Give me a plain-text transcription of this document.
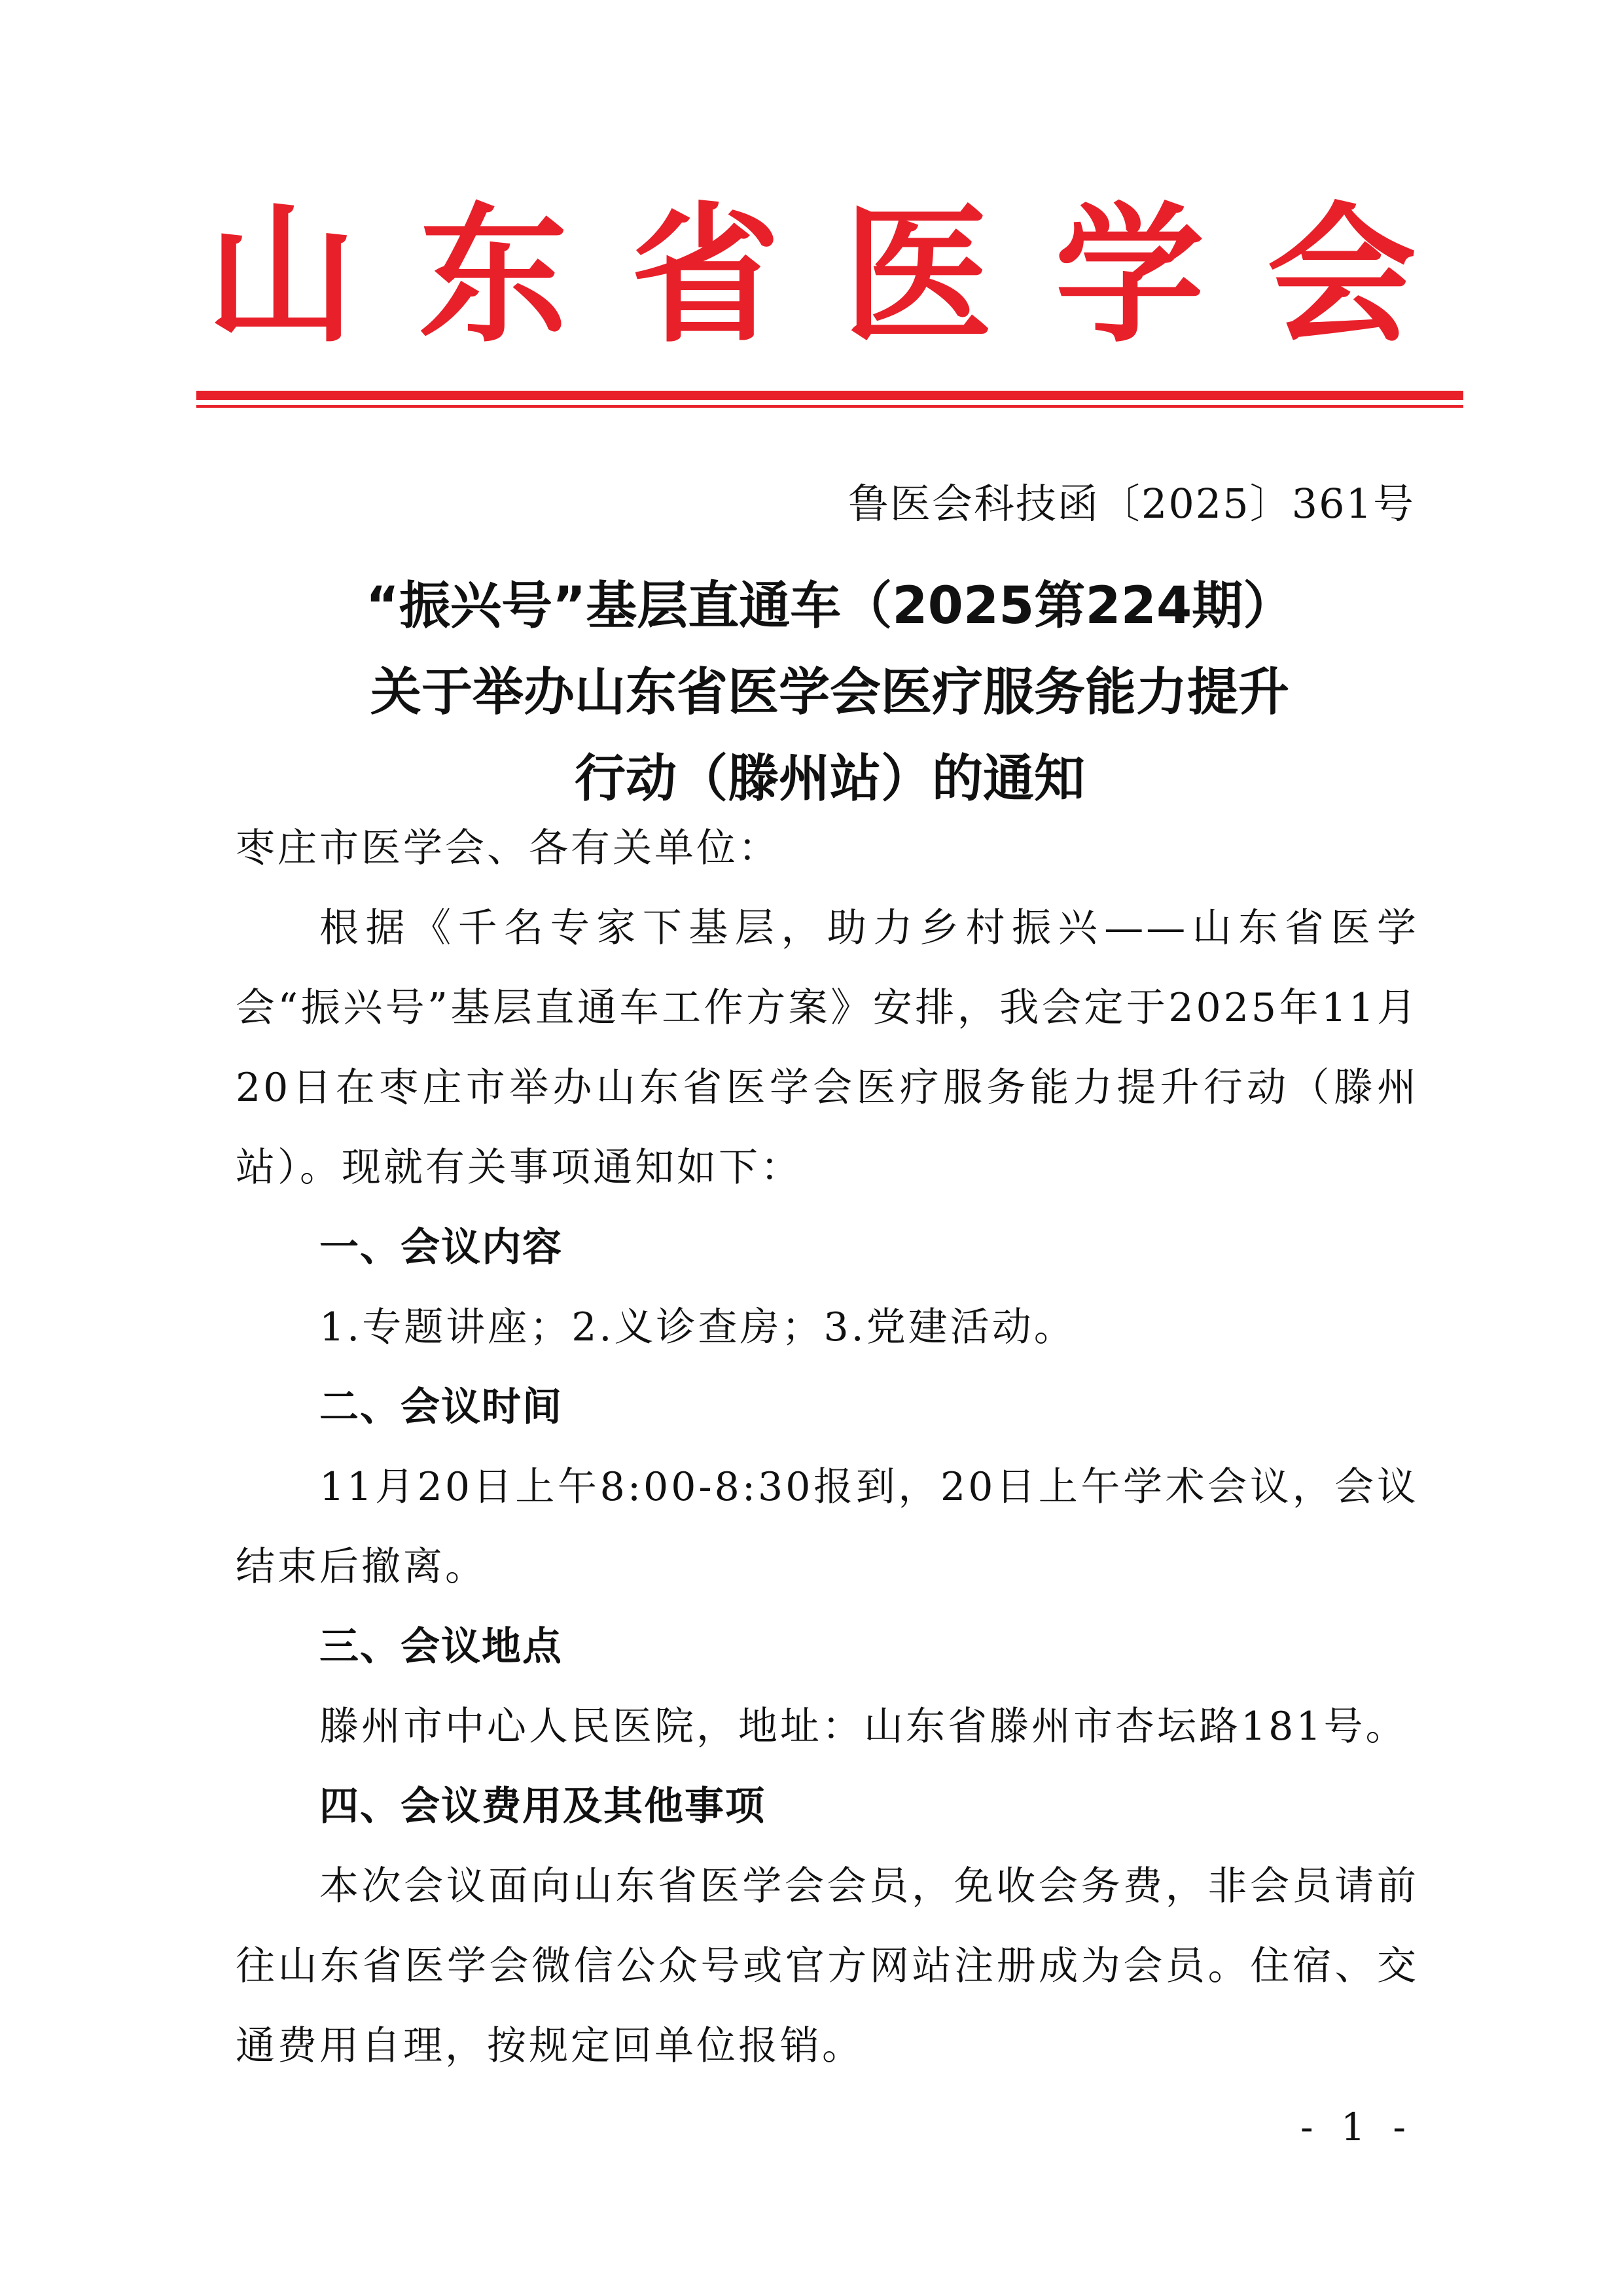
山东省医学会
鲁医会科技函〔2025〕361号
“振兴号”基层直通车（2025第224期）
关于举办山东省医学会医疗服务能力提升
行动（滕州站）的通知

枣庄市医学会、各有关单位：

根据《千名专家下基层，助力乡村振兴——山东省医学会“振兴号”基层直通车工作方案》安排，我会定于2025年11月20日在枣庄市举办山东省医学会医疗服务能力提升行动（滕州站）。现就有关事项通知如下：

一、会议内容

1.专题讲座；2.义诊查房；3.党建活动。

二、会议时间

11月20日上午8:00-8:30报到，20日上午学术会议，会议结束后撤离。

三、会议地点

滕州市中心人民医院，地址：山东省滕州市杏坛路181号。

四、会议费用及其他事项

本次会议面向山东省医学会会员，免收会务费，非会员请前往山东省医学会微信公众号或官方网站注册成为会员。住宿、交通费用自理，按规定回单位报销。

- 1 -
